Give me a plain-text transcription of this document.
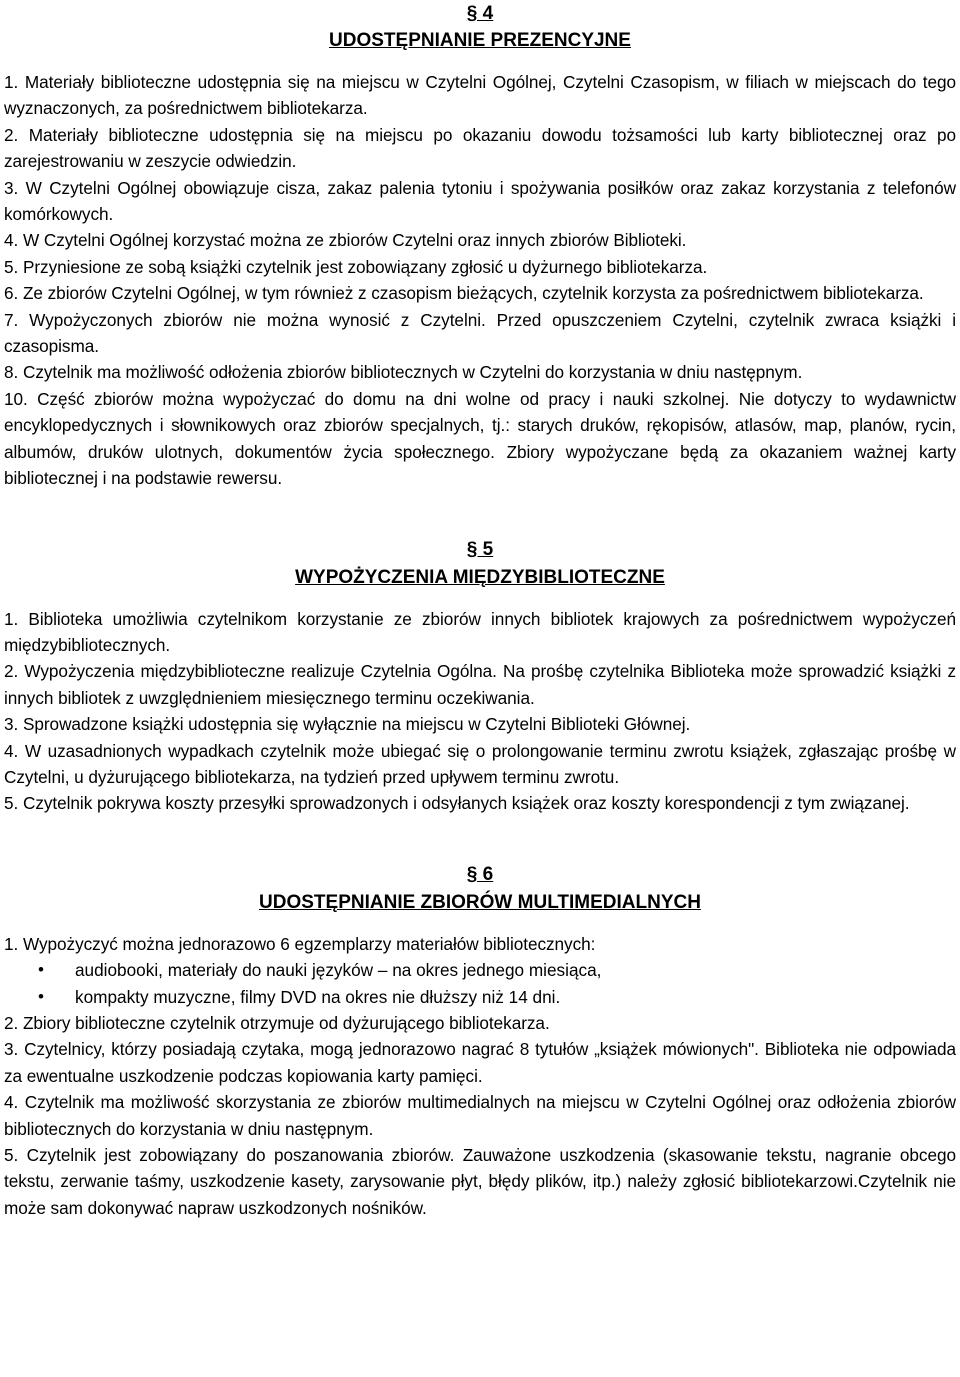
§ 4

UDOSTĘPNIANIE PREZENCYJNE

1. Materiały biblioteczne udostępnia się na miejscu w Czytelni Ogólnej, Czytelni Czasopism, w filiach w miejscach do tego wyznaczonych, za pośrednictwem bibliotekarza.

2. Materiały biblioteczne udostępnia się na miejscu po okazaniu dowodu tożsamości lub karty bibliotecznej oraz po zarejestrowaniu w zeszycie odwiedzin.

3. W Czytelni Ogólnej obowiązuje cisza, zakaz palenia tytoniu i spożywania posiłków oraz zakaz korzystania z telefonów komórkowych.

4. W Czytelni Ogólnej korzystać można ze zbiorów Czytelni oraz innych zbiorów Biblioteki.

5. Przyniesione ze sobą książki czytelnik jest zobowiązany zgłosić u dyżurnego bibliotekarza.

6. Ze zbiorów Czytelni Ogólnej, w tym również z czasopism bieżących, czytelnik korzysta za pośrednictwem bibliotekarza.

7. Wypożyczonych zbiorów nie można wynosić z Czytelni. Przed opuszczeniem Czytelni, czytelnik zwraca książki i czasopisma.

8. Czytelnik ma możliwość odłożenia zbiorów bibliotecznych w Czytelni do korzystania w dniu następnym.

10. Część zbiorów można wypożyczać do domu na dni wolne od pracy i nauki szkolnej. Nie dotyczy to wydawnictw encyklopedycznych i słownikowych oraz zbiorów specjalnych, tj.: starych druków, rękopisów, atlasów, map, planów, rycin, albumów, druków ulotnych, dokumentów życia społecznego. Zbiory wypożyczane będą za okazaniem ważnej karty bibliotecznej i na podstawie rewersu.

§ 5

WYPOŻYCZENIA MIĘDZYBIBLIOTECZNE

1. Biblioteka umożliwia czytelnikom korzystanie ze zbiorów innych bibliotek krajowych za pośrednictwem wypożyczeń międzybibliotecznych.

2. Wypożyczenia międzybiblioteczne realizuje Czytelnia Ogólna. Na prośbę czytelnika Biblioteka może sprowadzić książki z innych bibliotek z uwzględnieniem miesięcznego terminu oczekiwania.

3. Sprowadzone książki udostępnia się wyłącznie na miejscu w Czytelni Biblioteki Głównej.

4. W uzasadnionych wypadkach czytelnik może ubiegać się o prolongowanie terminu zwrotu książek, zgłaszając prośbę w Czytelni, u dyżurującego bibliotekarza, na tydzień przed upływem terminu zwrotu.

5. Czytelnik pokrywa koszty przesyłki sprowadzonych i odsyłanych książek oraz koszty korespondencji z tym związanej.

§ 6

UDOSTĘPNIANIE ZBIORÓW MULTIMEDIALNYCH

1. Wypożyczyć można jednorazowo 6 egzemplarzy materiałów bibliotecznych:

• audiobooki, materiały do nauki języków – na okres jednego miesiąca,
• kompakty muzyczne, filmy DVD na okres nie dłuższy niż 14 dni.

2. Zbiory biblioteczne czytelnik otrzymuje od dyżurującego bibliotekarza.

3. Czytelnicy, którzy posiadają czytaka, mogą jednorazowo nagrać 8 tytułów „książek mówionych". Biblioteka nie odpowiada za ewentualne uszkodzenie podczas kopiowania karty pamięci.

4. Czytelnik ma możliwość skorzystania ze zbiorów multimedialnych na miejscu w Czytelni Ogólnej oraz odłożenia zbiorów bibliotecznych do korzystania w dniu następnym.

5. Czytelnik jest zobowiązany do poszanowania zbiorów. Zauważone uszkodzenia (skasowanie tekstu, nagranie obcego tekstu, zerwanie taśmy, uszkodzenie kasety, zarysowanie płyt, błędy plików, itp.) należy zgłosić bibliotekarzowi.Czytelnik nie może sam dokonywać napraw uszkodzonych nośników.
